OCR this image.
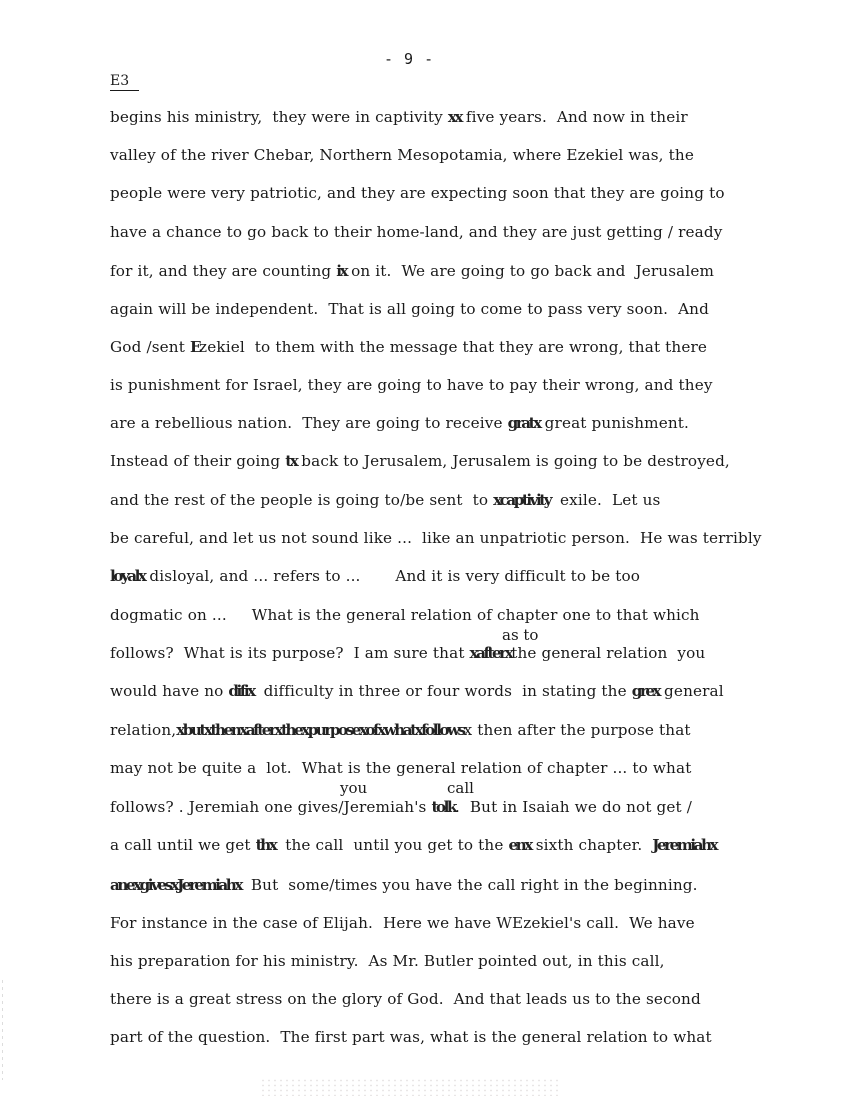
- 9 -
E3
begins his ministry,  they were in captivity xx five years.  And now in their
valley of the river Chebar, Northern Mesopotamia, where Ezekiel was, the
people were very patriotic, and they are expecting soon that they are going to
have a chance to go back to their home-land, and they are just getting / ready
for it, and they are counting ix on it.  We are going to go back and  Jerusalem
again will be independent.  That is all going to come to pass very soon.  And
God /sent Ezekiel  to them with the message that they are wrong, that there
is punishment for Israel, they are going to have to pay their wrong, and they
are a rebellious nation.  They are going to receive gratx great punishment.
Instead of their going tx back to Jerusalem, Jerusalem is going to be destroyed,
and the rest of the people is going to/be sent  to xcaptivity  exile.  Let us
be careful, and let us not sound like ...  like an unpatriotic person.  He was terribly
loyalx disloyal, and ... refers to ...       And it is very difficult to be too
dogmatic on ...     What is the general relation of chapter one to that which
follows?  What is its purpose?  I am sure that xafterxthe general relation  you
would have no difix  difficulty in three or four words  in stating the grex general
relation,xbutxthenxafterxthexpurposexofxwhatxfollowsx then after the purpose that
may not be quite a  lot.  What is the general relation of chapter ... to what
follows? . Jeremiah one gives/Jeremiah's tolk.  But in Isaiah we do not get /
a call until we get thx  the call  until you get to the enx sixth chapter.  Jeremiahx
anexgivesxJeremiahx  But  some/times you have the call right in the beginning.
For instance in the case of Elijah.  Here we have WEzekiel's call.  We have
his preparation for his ministry.  As Mr. Butler pointed out, in this call,
there is a great stress on the glory of God.  And that leads us to the second
part of the question.  The first part was, what is the general relation to what
as to
you	call
